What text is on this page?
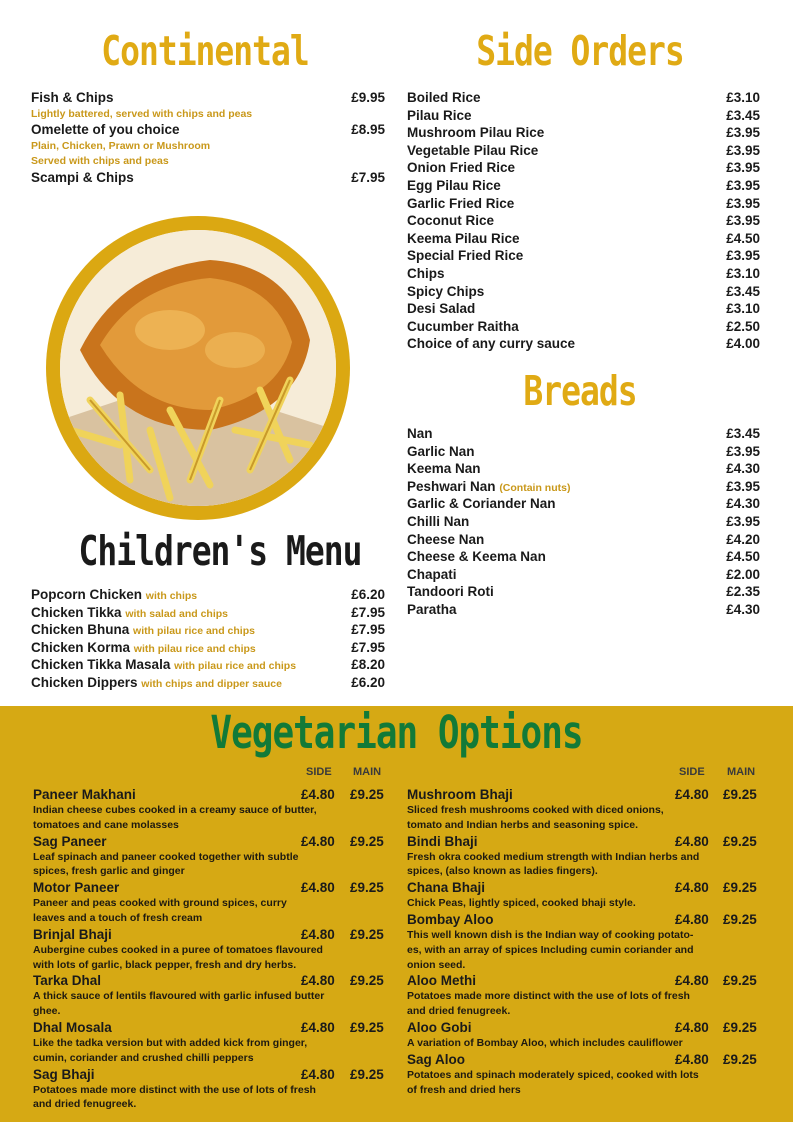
Continental	Side Orders
Breads
Children's Menu
Fish & Chips	£9.95
Lightly battered, served with chips and peas
Omelette of you choice	£8.95
Plain, Chicken, Prawn or Mushroom
Served with chips and peas
Scampi & Chips	£7.95
Boiled Rice	£3.10
Pilau Rice	£3.45
Mushroom Pilau Rice	£3.95
Vegetable Pilau Rice	£3.95
Onion Fried Rice	£3.95
Egg Pilau Rice	£3.95
Garlic Fried Rice	£3.95
Coconut Rice	£3.95
Keema Pilau Rice	£4.50
Special Fried Rice	£3.95
Chips	£3.10
Spicy Chips	£3.45
Desi Salad	£3.10
Cucumber Raitha	£2.50
Choice of any curry sauce	£4.00
Nan	£3.45
Garlic Nan	£3.95
Keema Nan	£4.30
Peshwari Nan (Contain nuts)	£3.95
Garlic & Coriander Nan	£4.30
Chilli Nan	£3.95
Cheese Nan	£4.20
Cheese & Keema Nan	£4.50
Chapati	£2.00
Tandoori Roti	£2.35
Paratha	£4.30
Popcorn Chicken with chips	£6.20
Chicken Tikka with salad and chips	£7.95
Chicken Bhuna with pilau rice and chips	£7.95
Chicken Korma with pilau rice and chips	£7.95
Chicken Tikka Masala with pilau rice and chips	£8.20
Chicken Dippers with chips and dipper sauce	£6.20
Vegetarian Options
SIDE MAIN	SIDE MAIN
Paneer Makhani	£4.80 £9.25
Indian cheese cubes cooked in a creamy sauce of butter,
tomatoes and cane molasses
Sag Paneer	£4.80 £9.25
Leaf spinach and paneer cooked together with subtle
spices, fresh garlic and ginger
Motor Paneer	£4.80 £9.25
Paneer and peas cooked with ground spices, curry
leaves and a touch of fresh cream
Brinjal Bhaji	£4.80 £9.25
Aubergine cubes cooked in a puree of tomatoes flavoured
with lots of garlic, black pepper, fresh and dry herbs.
Tarka Dhal	£4.80 £9.25
A thick sauce of lentils flavoured with garlic infused butter
ghee.
Dhal Mosala	£4.80 £9.25
Like the tadka version but with added kick from ginger,
cumin, coriander and crushed chilli peppers
Sag Bhaji	£4.80 £9.25
Potatoes made more distinct with the use of lots of fresh
and dried fenugreek.
Mushroom Bhaji	£4.80 £9.25
Sliced fresh mushrooms cooked with diced onions,
tomato and Indian herbs and seasoning spice.
Bindi Bhaji	£4.80 £9.25
Fresh okra cooked medium strength with Indian herbs and
spices, (also known as ladies fingers).
Chana Bhaji	£4.80 £9.25
Chick Peas, lightly spiced, cooked bhaji style.
Bombay Aloo	£4.80 £9.25
This well known dish is the Indian way of cooking potato-
es, with an array of spices Including cumin coriander and
onion seed.
Aloo Methi	£4.80 £9.25
Potatoes made more distinct with the use of lots of fresh
and dried fenugreek.
Aloo Gobi	£4.80 £9.25
A variation of Bombay Aloo, which includes cauliflower
Sag Aloo	£4.80 £9.25
Potatoes and spinach moderately spiced, cooked with lots
of fresh and dried hers
